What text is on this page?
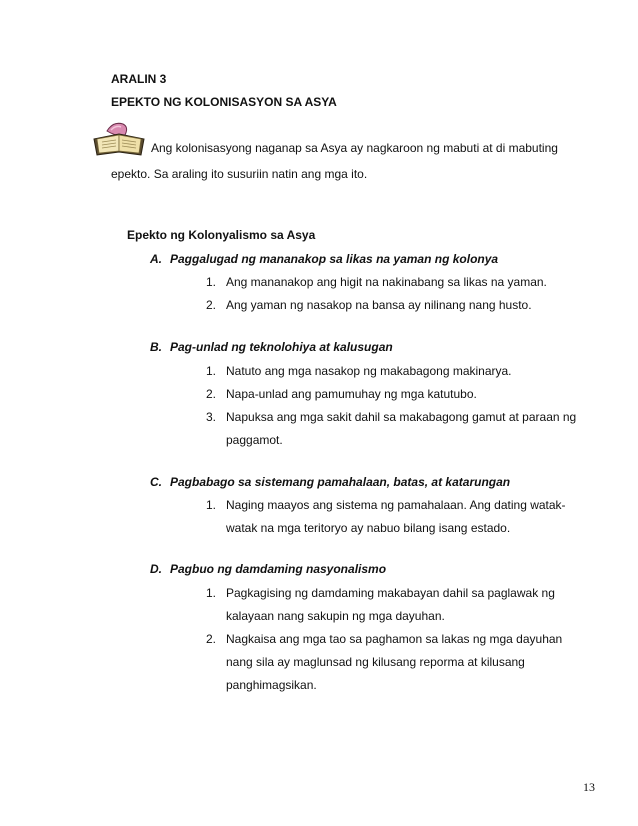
ARALIN 3
EPEKTO NG KOLONISASYON SA ASYA
Ang kolonisasyong naganap sa Asya ay nagkaroon ng mabuti at di mabuting
epekto. Sa araling ito susuriin natin ang mga ito.
Epekto ng Kolonyalismo sa Asya
A. Paggalugad ng mananakop sa likas na yaman ng kolonya
1. Ang mananakop ang higit na nakinabang sa likas na yaman.
2. Ang yaman ng nasakop na bansa ay nilinang nang husto.
B. Pag-unlad ng teknolohiya at kalusugan
1. Natuto ang mga nasakop ng makabagong makinarya.
2. Napa-unlad ang pamumuhay ng mga katutubo.
3. Napuksa ang mga sakit dahil sa makabagong gamut at paraan ng
paggamot.
C. Pagbabago sa sistemang pamahalaan, batas, at katarungan
1. Naging maayos ang sistema ng pamahalaan. Ang dating watak-
watak na mga teritoryo ay nabuo bilang isang estado.
D. Pagbuo ng damdaming nasyonalismo
1. Pagkagising ng damdaming makabayan dahil sa paglawak ng
kalayaan nang sakupin ng mga dayuhan.
2. Nagkaisa ang mga tao sa paghamon sa lakas ng mga dayuhan
nang sila ay maglunsad ng kilusang reporma at kilusang
panghimagsikan.
13
